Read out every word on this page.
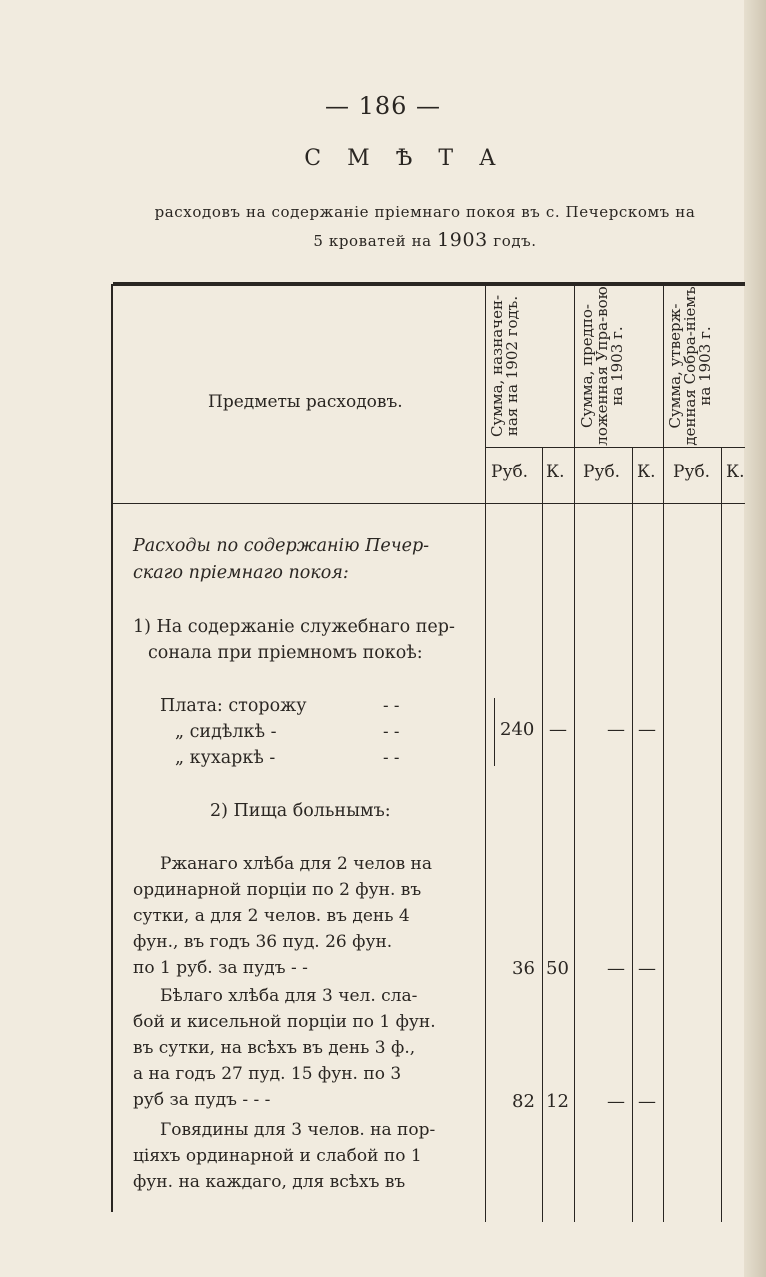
— 186 —
СМѢТА
расходовъ на содержаніе пріемнаго покоя въ с. Печерскомъ на
5 кроватей на 1903 годъ.
Предметы расходовъ.	Сумма, назначен-ная на 1902 годъ.	Сумма, предпо-ложенная Упра-вою на 1903 г.	Сумма, утверж-денная Собра-ніемъ на 1903 г.
Руб. К. Руб. К. Руб. К.
Расходы по содержанію Печер-
скаго пріемнаго покоя:
1) На содержаніе служебнаго пер-
сонала при пріемномъ покоѣ:
Плата: сторожу	- -
„ сидѣлкѣ -	- -
„ кухаркѣ -	- -
240 — — —
2) Пища больнымъ:
Ржанаго хлѣба для 2 челов на
ординарной порціи по 2 фун. въ
сутки, а для 2 челов. въ день 4
фун., въ годъ 36 пуд. 26 фун.
по 1 руб. за пудъ - -	36 50 — —
Бѣлаго хлѣба для 3 чел. сла-
бой и кисельной порціи по 1 фун.
въ сутки, на всѣхъ въ день 3 ф.,
а на годъ 27 пуд. 15 фун. по 3
руб за пудъ - - -	82 12 — —
Говядины для 3 челов. на пор-
ціяхъ ординарной и слабой по 1
фун. на каждаго, для всѣхъ въ
